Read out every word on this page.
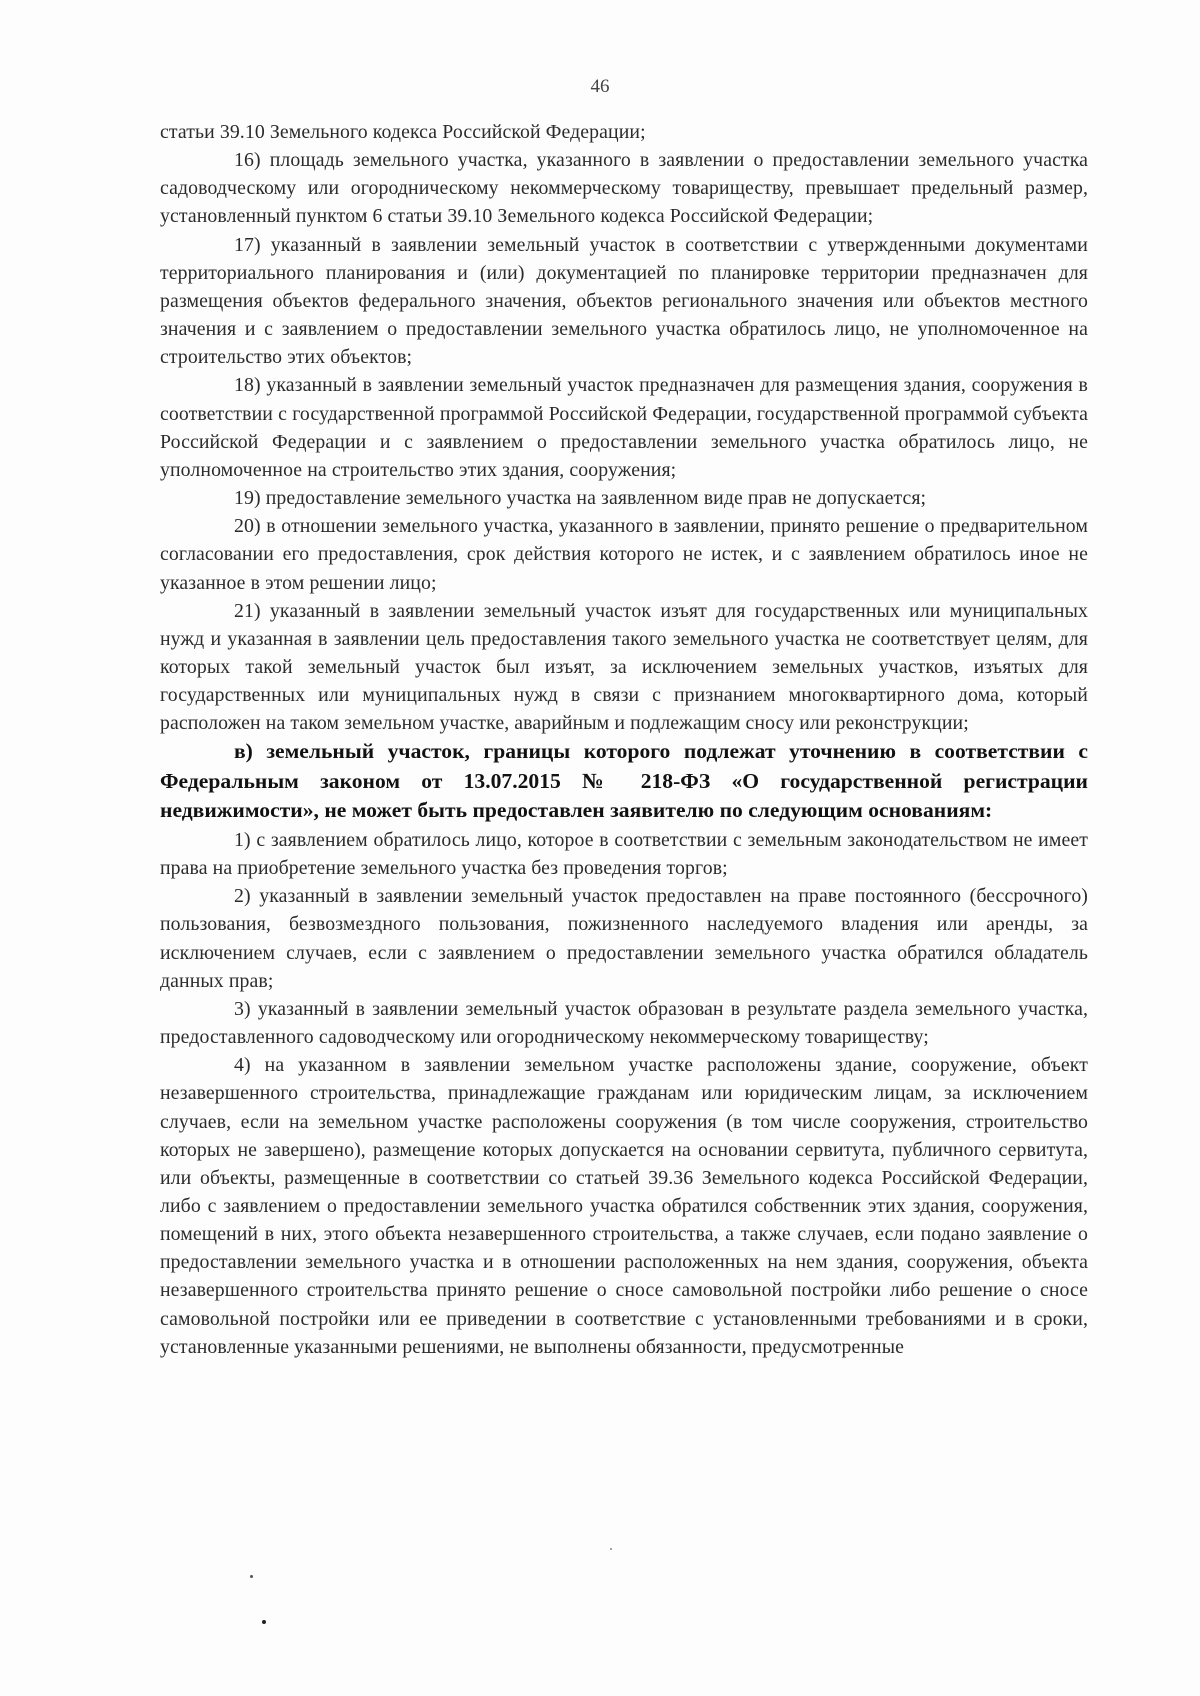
46

статьи 39.10 Земельного кодекса Российской Федерации;

16) площадь земельного участка, указанного в заявлении о предоставлении земельного участка садоводческому или огородническому некоммерческому товариществу, превышает предельный размер, установленный пунктом 6 статьи 39.10 Земельного кодекса Российской Федерации;

17) указанный в заявлении земельный участок в соответствии с утвержденными документами территориального планирования и (или) документацией по планировке территории предназначен для размещения объектов федерального значения, объектов регионального значения или объектов местного значения и с заявлением о предоставлении земельного участка обратилось лицо, не уполномоченное на строительство этих объектов;

18) указанный в заявлении земельный участок предназначен для размещения здания, сооружения в соответствии с государственной программой Российской Федерации, государственной программой субъекта Российской Федерации и с заявлением о предоставлении земельного участка обратилось лицо, не уполномоченное на строительство этих здания, сооружения;

19) предоставление земельного участка на заявленном виде прав не допускается;

20) в отношении земельного участка, указанного в заявлении, принято решение о предварительном согласовании его предоставления, срок действия которого не истек, и с заявлением обратилось иное не указанное в этом решении лицо;

21) указанный в заявлении земельный участок изъят для государственных или муниципальных нужд и указанная в заявлении цель предоставления такого земельного участка не соответствует целям, для которых такой земельный участок был изъят, за исключением земельных участков, изъятых для государственных или муниципальных нужд в связи с признанием многоквартирного дома, который расположен на таком земельном участке, аварийным и подлежащим сносу или реконструкции;

в) земельный участок, границы которого подлежат уточнению в соответствии с Федеральным законом от 13.07.2015 № 218-ФЗ «О государственной регистрации недвижимости», не может быть предоставлен заявителю по следующим основаниям:

1) с заявлением обратилось лицо, которое в соответствии с земельным законодательством не имеет права на приобретение земельного участка без проведения торгов;

2) указанный в заявлении земельный участок предоставлен на праве постоянного (бессрочного) пользования, безвозмездного пользования, пожизненного наследуемого владения или аренды, за исключением случаев, если с заявлением о предоставлении земельного участка обратился обладатель данных прав;

3) указанный в заявлении земельный участок образован в результате раздела земельного участка, предоставленного садоводческому или огородническому некоммерческому товариществу;

4) на указанном в заявлении земельном участке расположены здание, сооружение, объект незавершенного строительства, принадлежащие гражданам или юридическим лицам, за исключением случаев, если на земельном участке расположены сооружения (в том числе сооружения, строительство которых не завершено), размещение которых допускается на основании сервитута, публичного сервитута, или объекты, размещенные в соответствии со статьей 39.36 Земельного кодекса Российской Федерации, либо с заявлением о предоставлении земельного участка обратился собственник этих здания, сооружения, помещений в них, этого объекта незавершенного строительства, а также случаев, если подано заявление о предоставлении земельного участка и в отношении расположенных на нем здания, сооружения, объекта незавершенного строительства принято решение о сносе самовольной постройки либо решение о сносе самовольной постройки или ее приведении в соответствие с установленными требованиями и в сроки, установленные указанными решениями, не выполнены обязанности, предусмотренные
